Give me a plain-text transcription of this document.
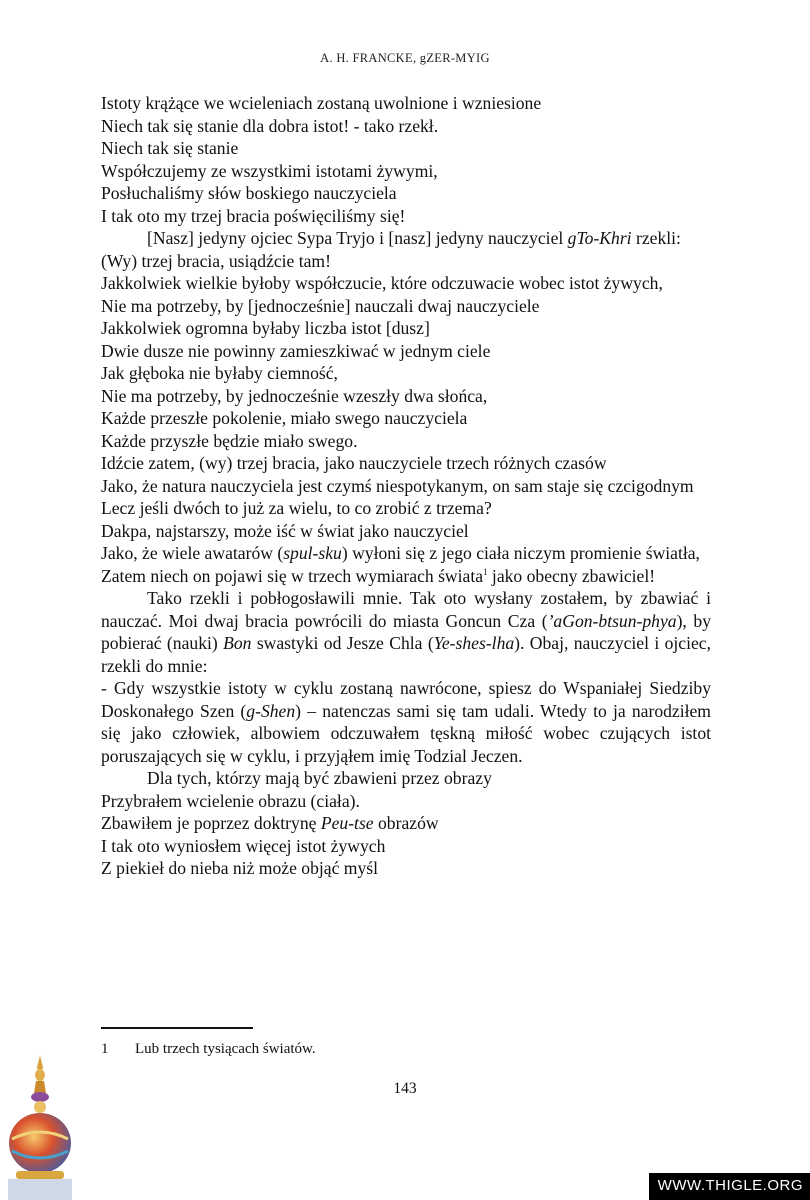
A. H. FRANCKE, gZER-MYIG

Istoty krążące we wcieleniach zostaną uwolnione i wzniesione

Niech tak się stanie dla dobra istot! - tako rzekł.

Niech tak się stanie

Współczujemy ze wszystkimi istotami żywymi,

Posłuchaliśmy słów boskiego nauczyciela

I tak oto my trzej bracia poświęciliśmy się!

[Nasz] jedyny ojciec Sypa Tryjo i [nasz] jedyny nauczyciel gTo-Khri rzekli:

(Wy) trzej bracia, usiądźcie tam!

Jakkolwiek wielkie byłoby współczucie, które odczuwacie wobec istot żywych,

Nie ma potrzeby, by [jednocześnie] nauczali dwaj nauczyciele

Jakkolwiek ogromna byłaby liczba istot [dusz]

Dwie dusze nie powinny zamieszkiwać w jednym ciele

Jak głęboka nie byłaby ciemność,

Nie ma potrzeby, by jednocześnie wzeszły dwa słońca,

Każde przeszłe pokolenie, miało swego nauczyciela

Każde przyszłe będzie miało swego.

Idźcie zatem, (wy) trzej bracia, jako nauczyciele trzech różnych czasów

Jako, że natura nauczyciela jest czymś niespotykanym, on sam staje się czcigodnym

Lecz jeśli dwóch to już za wielu, to co zrobić z trzema?

Dakpa, najstarszy, może iść w świat jako nauczyciel

Jako, że wiele awatarów (spul-sku) wyłoni się z jego ciała niczym promienie światła,

Zatem niech on pojawi się w trzech wymiarach świata$^1$ jako obecny zbawiciel!

Tako rzekli i pobłogosławili mnie. Tak oto wysłany zostałem, by zbawiać i nauczać. Moi dwaj bracia powrócili do miasta Goncun Cza (’aGon-btsun-phya), by pobierać (nauki) Bon swastyki od Jesze Chla (Ye-shes-lha). Obaj, nauczyciel i ojciec, rzekli do mnie:

- Gdy wszystkie istoty w cyklu zostaną nawrócone, spiesz do Wspaniałej Siedziby Doskonałego Szen (g-Shen) – natenczas sami się tam udali. Wtedy to ja narodziłem się jako człowiek, albowiem odczuwałem tęskną miłość wobec czujących istot poruszających się w cyklu, i przyjąłem imię Todzial Jeczen.

Dla tych, którzy mają być zbawieni przez obrazy

Przybrałem wcielenie obrazu (ciała).

Zbawiłem je poprzez doktrynę Peu-tse obrazów

I tak oto wyniosłem więcej istot żywych

Z piekieł do nieba niż może objąć myśl

1 Lub trzech tysiącach światów.
143
WWW.THIGLE.ORG
